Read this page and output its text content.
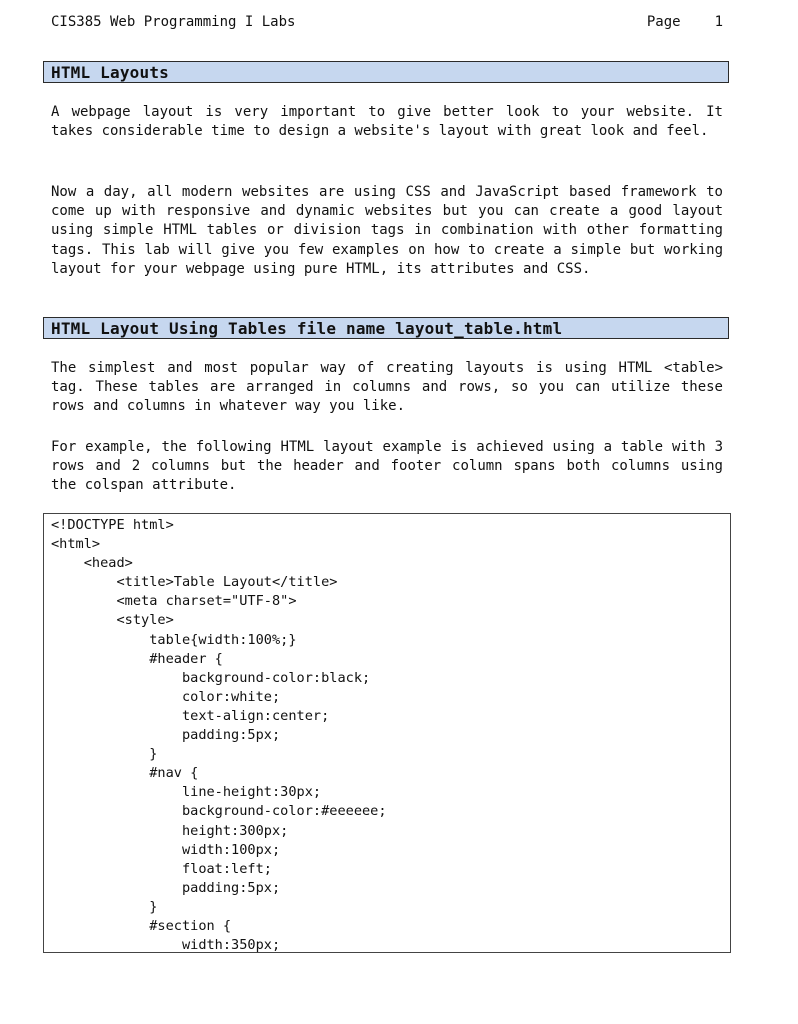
CIS385 Web Programming I Labs	Page 1
HTML Layouts
A webpage layout is very important to give better look to your website. It takes considerable time to design a website's layout with great look and feel.
Now a day, all modern websites are using CSS and JavaScript based framework to come up with responsive and dynamic websites but you can create a good layout using simple HTML tables or division tags in combination with other formatting tags. This lab will give you few examples on how to create a simple but working layout for your webpage using pure HTML, its attributes and CSS.
HTML Layout Using Tables file name layout_table.html
The simplest and most popular way of creating layouts is using HTML <table> tag. These tables are arranged in columns and rows, so you can utilize these rows and columns in whatever way you like.
For example, the following HTML layout example is achieved using a table with 3 rows and 2 columns but the header and footer column spans both columns using the colspan attribute.
<!DOCTYPE html>
<html>
<head>
<title>Table Layout</title>
<meta charset="UTF-8">
<style>
table{width:100%;}
#header {
background-color:black;
color:white;
text-align:center;
padding:5px;
}
#nav {
line-height:30px;
background-color:#eeeeee;
height:300px;
width:100px;
float:left;
padding:5px;
}
#section {
width:350px;
